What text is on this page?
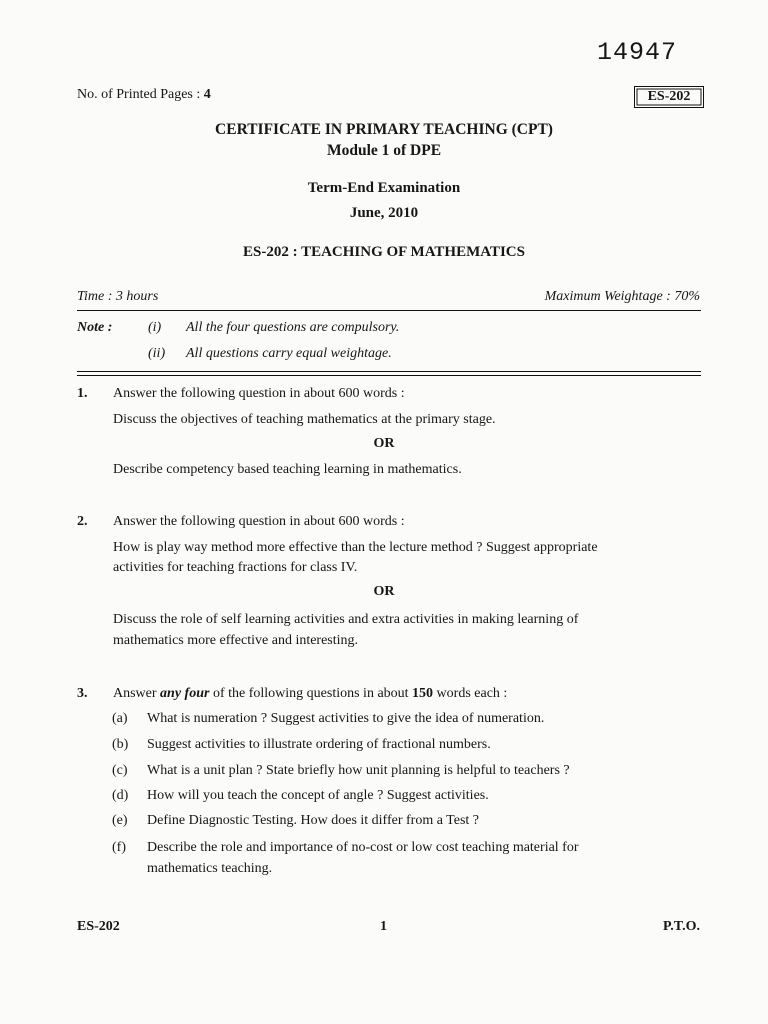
14947
No. of Printed Pages : 4	ES-202
CERTIFICATE IN PRIMARY TEACHING (CPT)
Module 1 of DPE
Term-End Examination
June, 2010
ES-202 : TEACHING OF MATHEMATICS
Time : 3 hours	Maximum Weightage : 70%
Note :	(i) All the four questions are compulsory.
(ii) All questions carry equal weightage.
1. Answer the following question in about 600 words :
Discuss the objectives of teaching mathematics at the primary stage.
OR
Describe competency based teaching learning in mathematics.
2. Answer the following question in about 600 words :
How is play way method more effective than the lecture method ? Suggest appropriate
activities for teaching fractions for class IV.
OR
Discuss the role of self learning activities and extra activities in making learning of
mathematics more effective and interesting.
3. Answer any four of the following questions in about 150 words each :
(a) What is numeration ? Suggest activities to give the idea of numeration.
(b) Suggest activities to illustrate ordering of fractional numbers.
(c) What is a unit plan ? State briefly how unit planning is helpful to teachers ?
(d) How will you teach the concept of angle ? Suggest activities.
(e) Define Diagnostic Testing. How does it differ from a Test ?
(f) Describe the role and importance of no-cost or low cost teaching material for
mathematics teaching.
ES-202	1	P.T.O.
